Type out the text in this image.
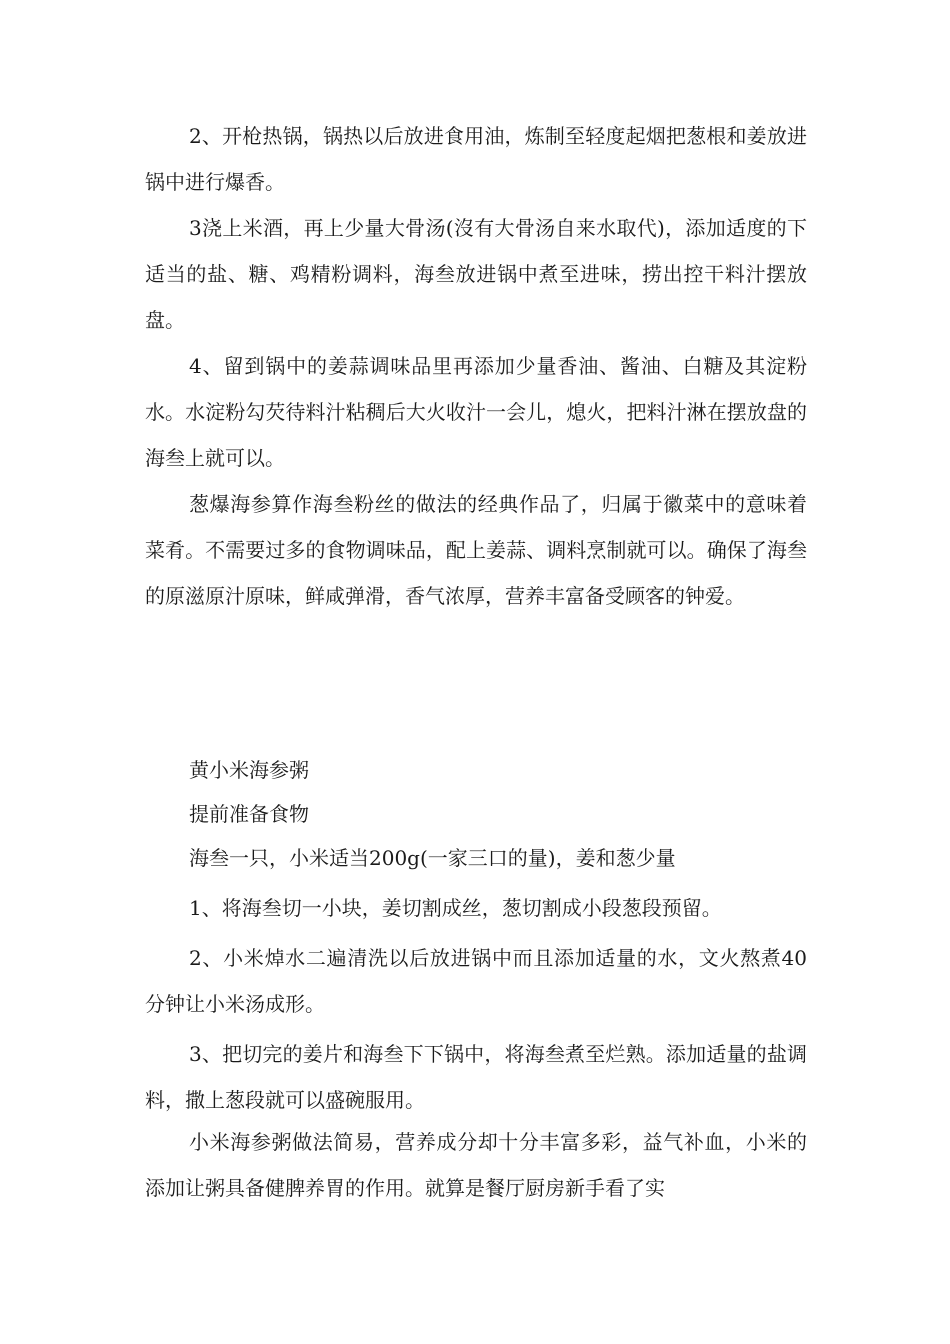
2、开枪热锅，锅热以后放进食用油，炼制至轻度起烟把葱根和姜放进锅中进行爆香。

3浇上米酒，再上少量大骨汤(沒有大骨汤自来水取代)，添加适度的下适当的盐、糖、鸡精粉调料，海叁放进锅中煮至进味，捞出控干料汁摆放盘。

4、留到锅中的姜蒜调味品里再添加少量香油、酱油、白糖及其淀粉水。水淀粉勾芡待料汁粘稠后大火收汁一会儿，熄火，把料汁淋在摆放盘的海叁上就可以。

葱爆海参算作海叁粉丝的做法的经典作品了，归属于徽菜中的意味着菜肴。不需要过多的食物调味品，配上姜蒜、调料烹制就可以。确保了海叁的原滋原汁原味，鲜咸弹滑，香气浓厚，营养丰富备受顾客的钟爱。

黄小米海参粥

提前准备食物

海叁一只，小米适当200g(一家三口的量)，姜和葱少量

1、将海叁切一小块，姜切割成丝，葱切割成小段葱段预留。

2、小米焯水二遍清洗以后放进锅中而且添加适量的水，文火熬煮40分钟让小米汤成形。

3、把切完的姜片和海叁下下锅中，将海叁煮至烂熟。添加适量的盐调料，撒上葱段就可以盛碗服用。

小米海参粥做法简易，营养成分却十分丰富多彩，益气补血，小米的添加让粥具备健脾养胃的作用。就算是餐厅厨房新手看了实
